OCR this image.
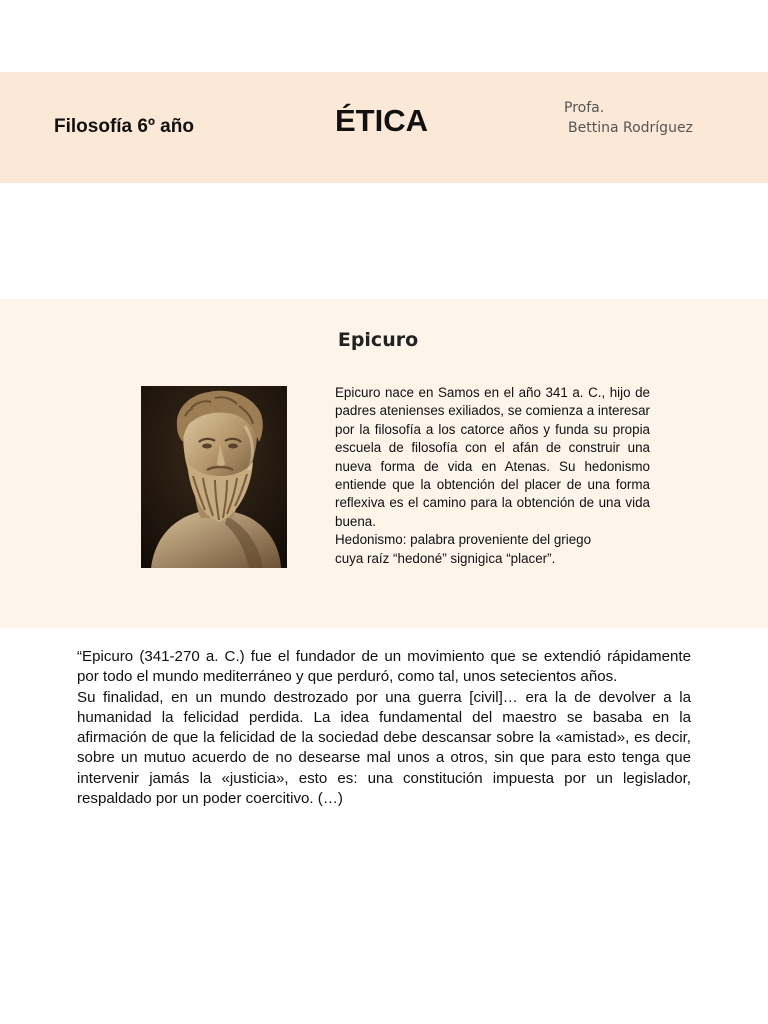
Filosofía 6º año	ÉTICA	Profa.
Bettina Rodríguez
Epicuro

Epicuro nace en Samos en el año 341 a. C., hijo de padres atenienses exiliados, se comienza a interesar por la filosofía a los catorce años y funda su propia escuela de filosofía con el afán de construir una nueva forma de vida en Atenas. Su hedonismo entiende que la obtención del placer de una forma reflexiva es el camino para la obtención de una vida buena.

Hedonismo: palabra proveniente del griego

cuya raíz “hedoné” signigica “placer”.

“Epicuro (341-270 a. C.) fue el fundador de un movimiento que se extendió rápidamente por todo el mundo mediterráneo y que perduró, como tal, unos setecientos años.

Su finalidad, en un mundo destrozado por una guerra [civil]… era la de devolver a la humanidad la felicidad perdida. La idea fundamental del maestro se basaba en la afirmación de que la felicidad de la sociedad debe descansar sobre la «amistad», es decir, sobre un mutuo acuerdo de no desearse mal unos a otros, sin que para esto tenga que intervenir jamás la «justicia», esto es: una constitución impuesta por un legislador, respaldado por un poder coercitivo. (…)
